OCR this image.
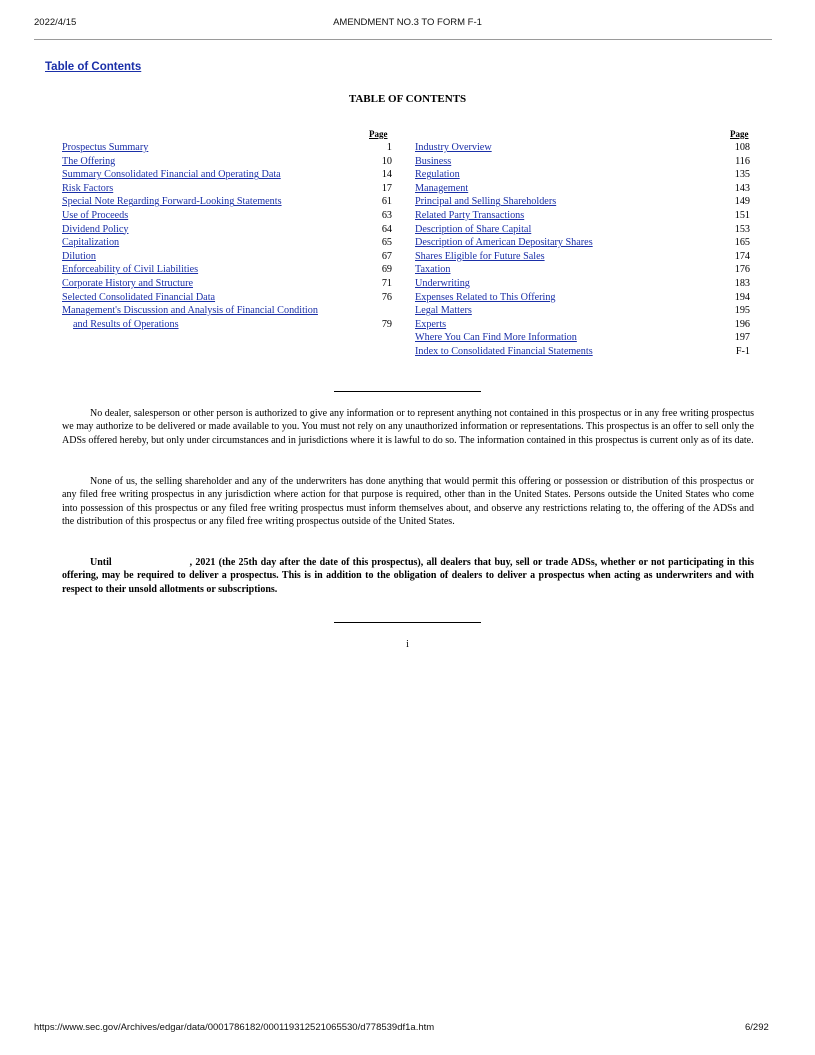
2022/4/15	AMENDMENT NO.3 TO FORM F-1
Table of Contents
TABLE OF CONTENTS
Page	Page
Prospectus Summary	1
The Offering	10
Summary Consolidated Financial and Operating Data	14
Risk Factors	17
Special Note Regarding Forward-Looking Statements	61
Use of Proceeds	63
Dividend Policy	64
Capitalization	65
Dilution	67
Enforceability of Civil Liabilities	69
Corporate History and Structure	71
Selected Consolidated Financial Data	76
Management's Discussion and Analysis of Financial Condition
and Results of Operations	79
Industry Overview	108
Business	116
Regulation	135
Management	143
Principal and Selling Shareholders	149
Related Party Transactions	151
Description of Share Capital	153
Description of American Depositary Shares	165
Shares Eligible for Future Sales	174
Taxation	176
Underwriting	183
Expenses Related to This Offering	194
Legal Matters	195
Experts	196
Where You Can Find More Information	197
Index to Consolidated Financial Statements	F-1

No dealer, salesperson or other person is authorized to give any information or to represent anything not contained in this prospectus or in any free writing prospectus we may authorize to be delivered or made available to you. You must not rely on any unauthorized information or representations. This prospectus is an offer to sell only the ADSs offered hereby, but only under circumstances and in jurisdictions where it is lawful to do so. The information contained in this prospectus is current only as of its date.

None of us, the selling shareholder and any of the underwriters has done anything that would permit this offering or possession or distribution of this prospectus or any filed free writing prospectus in any jurisdiction where action for that purpose is required, other than in the United States. Persons outside the United States who come into possession of this prospectus or any filed free writing prospectus must inform themselves about, and observe any restrictions relating to, the offering of the ADSs and the distribution of this prospectus or any filed free writing prospectus outside of the United States.

Until	, 2021 (the 25th day after the date of this prospectus), all dealers that buy, sell or trade ADSs, whether or not participating in this offering, may be required to deliver a prospectus. This is in addition to the obligation of dealers to deliver a prospectus when acting as underwriters and with respect to their unsold allotments or subscriptions.

i
https://www.sec.gov/Archives/edgar/data/0001786182/000119312521065530/d778539df1a.htm	6/292
